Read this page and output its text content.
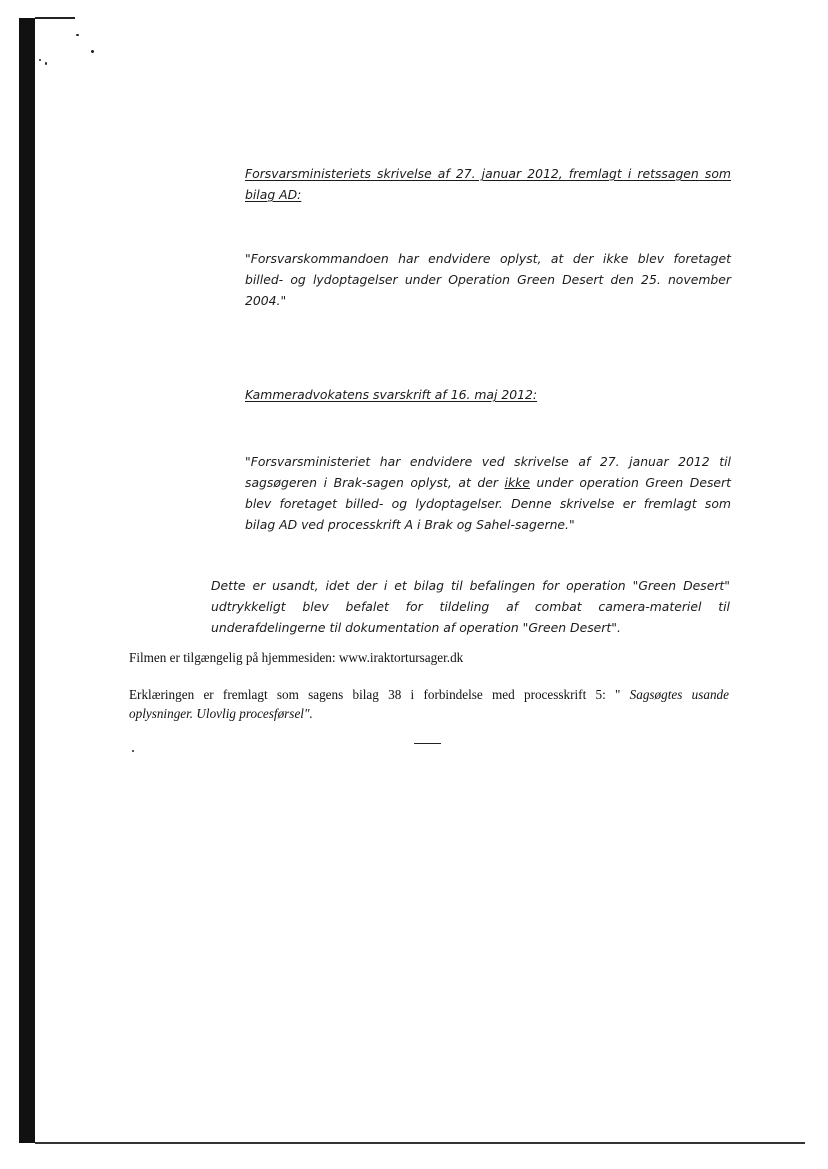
Forsvarsministeriets skrivelse af 27. januar 2012, fremlagt i retssagen som
bilag AD:
"Forsvarskommandoen har endvidere oplyst, at der ikke blev foretaget
billed- og lydoptagelser under Operation Green Desert den 25. november
2004."
Kammeradvokatens svarskrift af 16. maj 2012:
"Forsvarsministeriet har endvidere ved skrivelse af 27. januar 2012 til
sagsøgeren i Brak-sagen oplyst, at der ikke under operation Green Desert
blev foretaget billed- og lydoptagelser. Denne skrivelse er fremlagt som
bilag AD ved processkrift A i Brak og Sahel-sagerne."
Dette er usandt, idet der i et bilag til befalingen for operation "Green Desert"
udtrykkeligt blev befalet for tildeling af combat camera-materiel til
underafdelingerne til dokumentation af operation "Green Desert".
Filmen er tilgængelig på hjemmesiden: www.iraktortursager.dk
Erklæringen er fremlagt som sagens bilag 38 i forbindelse med processkrift 5: " Sagsøgtes usande
oplysninger. Ulovlig procesførsel".
